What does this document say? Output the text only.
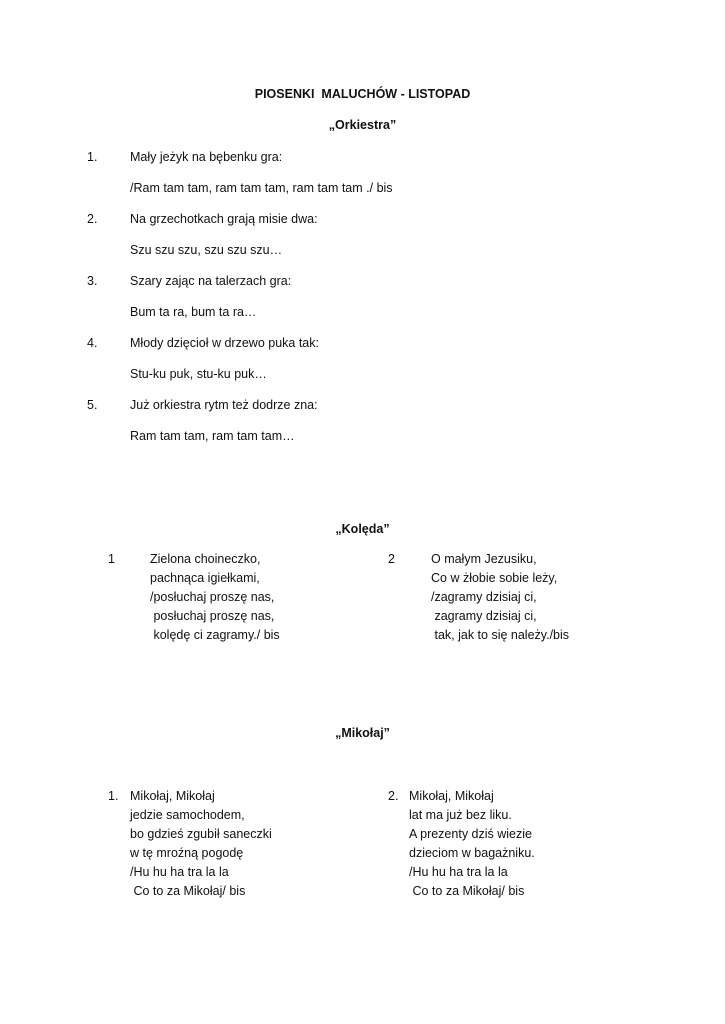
PIOSENKI  MALUCHÓW - LISTOPAD
„Orkiestra”
1.	Mały jeżyk na bębenku gra:
/Ram tam tam, ram tam tam, ram tam tam ./ bis
2.	Na grzechotkach grają misie dwa:
Szu szu szu, szu szu szu…
3.	Szary zając na talerzach gra:
Bum ta ra, bum ta ra…
4.	Młody dzięcioł w drzewo puka tak:
Stu-ku puk, stu-ku puk…
5.	Już orkiestra rytm też dodrze zna:
Ram tam tam, ram tam tam…
„Kolęda”
1	Zielona choineczko,
pachnąca igiełkami,
/posłuchaj proszę nas,
posłuchaj proszę nas,
kolędę ci zagramy./ bis
2	O małym Jezusiku,
Co w żłobie sobie leży,
/zagramy dzisiaj ci,
zagramy dzisiaj ci,
tak, jak to się należy./bis
„Mikołaj”
1. Mikołaj, Mikołaj
jedzie samochodem,
bo gdzieś zgubił saneczki
w tę mroźną pogodę
/Hu hu ha tra la la
Co to za Mikołaj/ bis
2. Mikołaj, Mikołaj
lat ma już bez liku.
A prezenty dziś wiezie
dzieciom w bagażniku.
/Hu hu ha tra la la
Co to za Mikołaj/ bis
